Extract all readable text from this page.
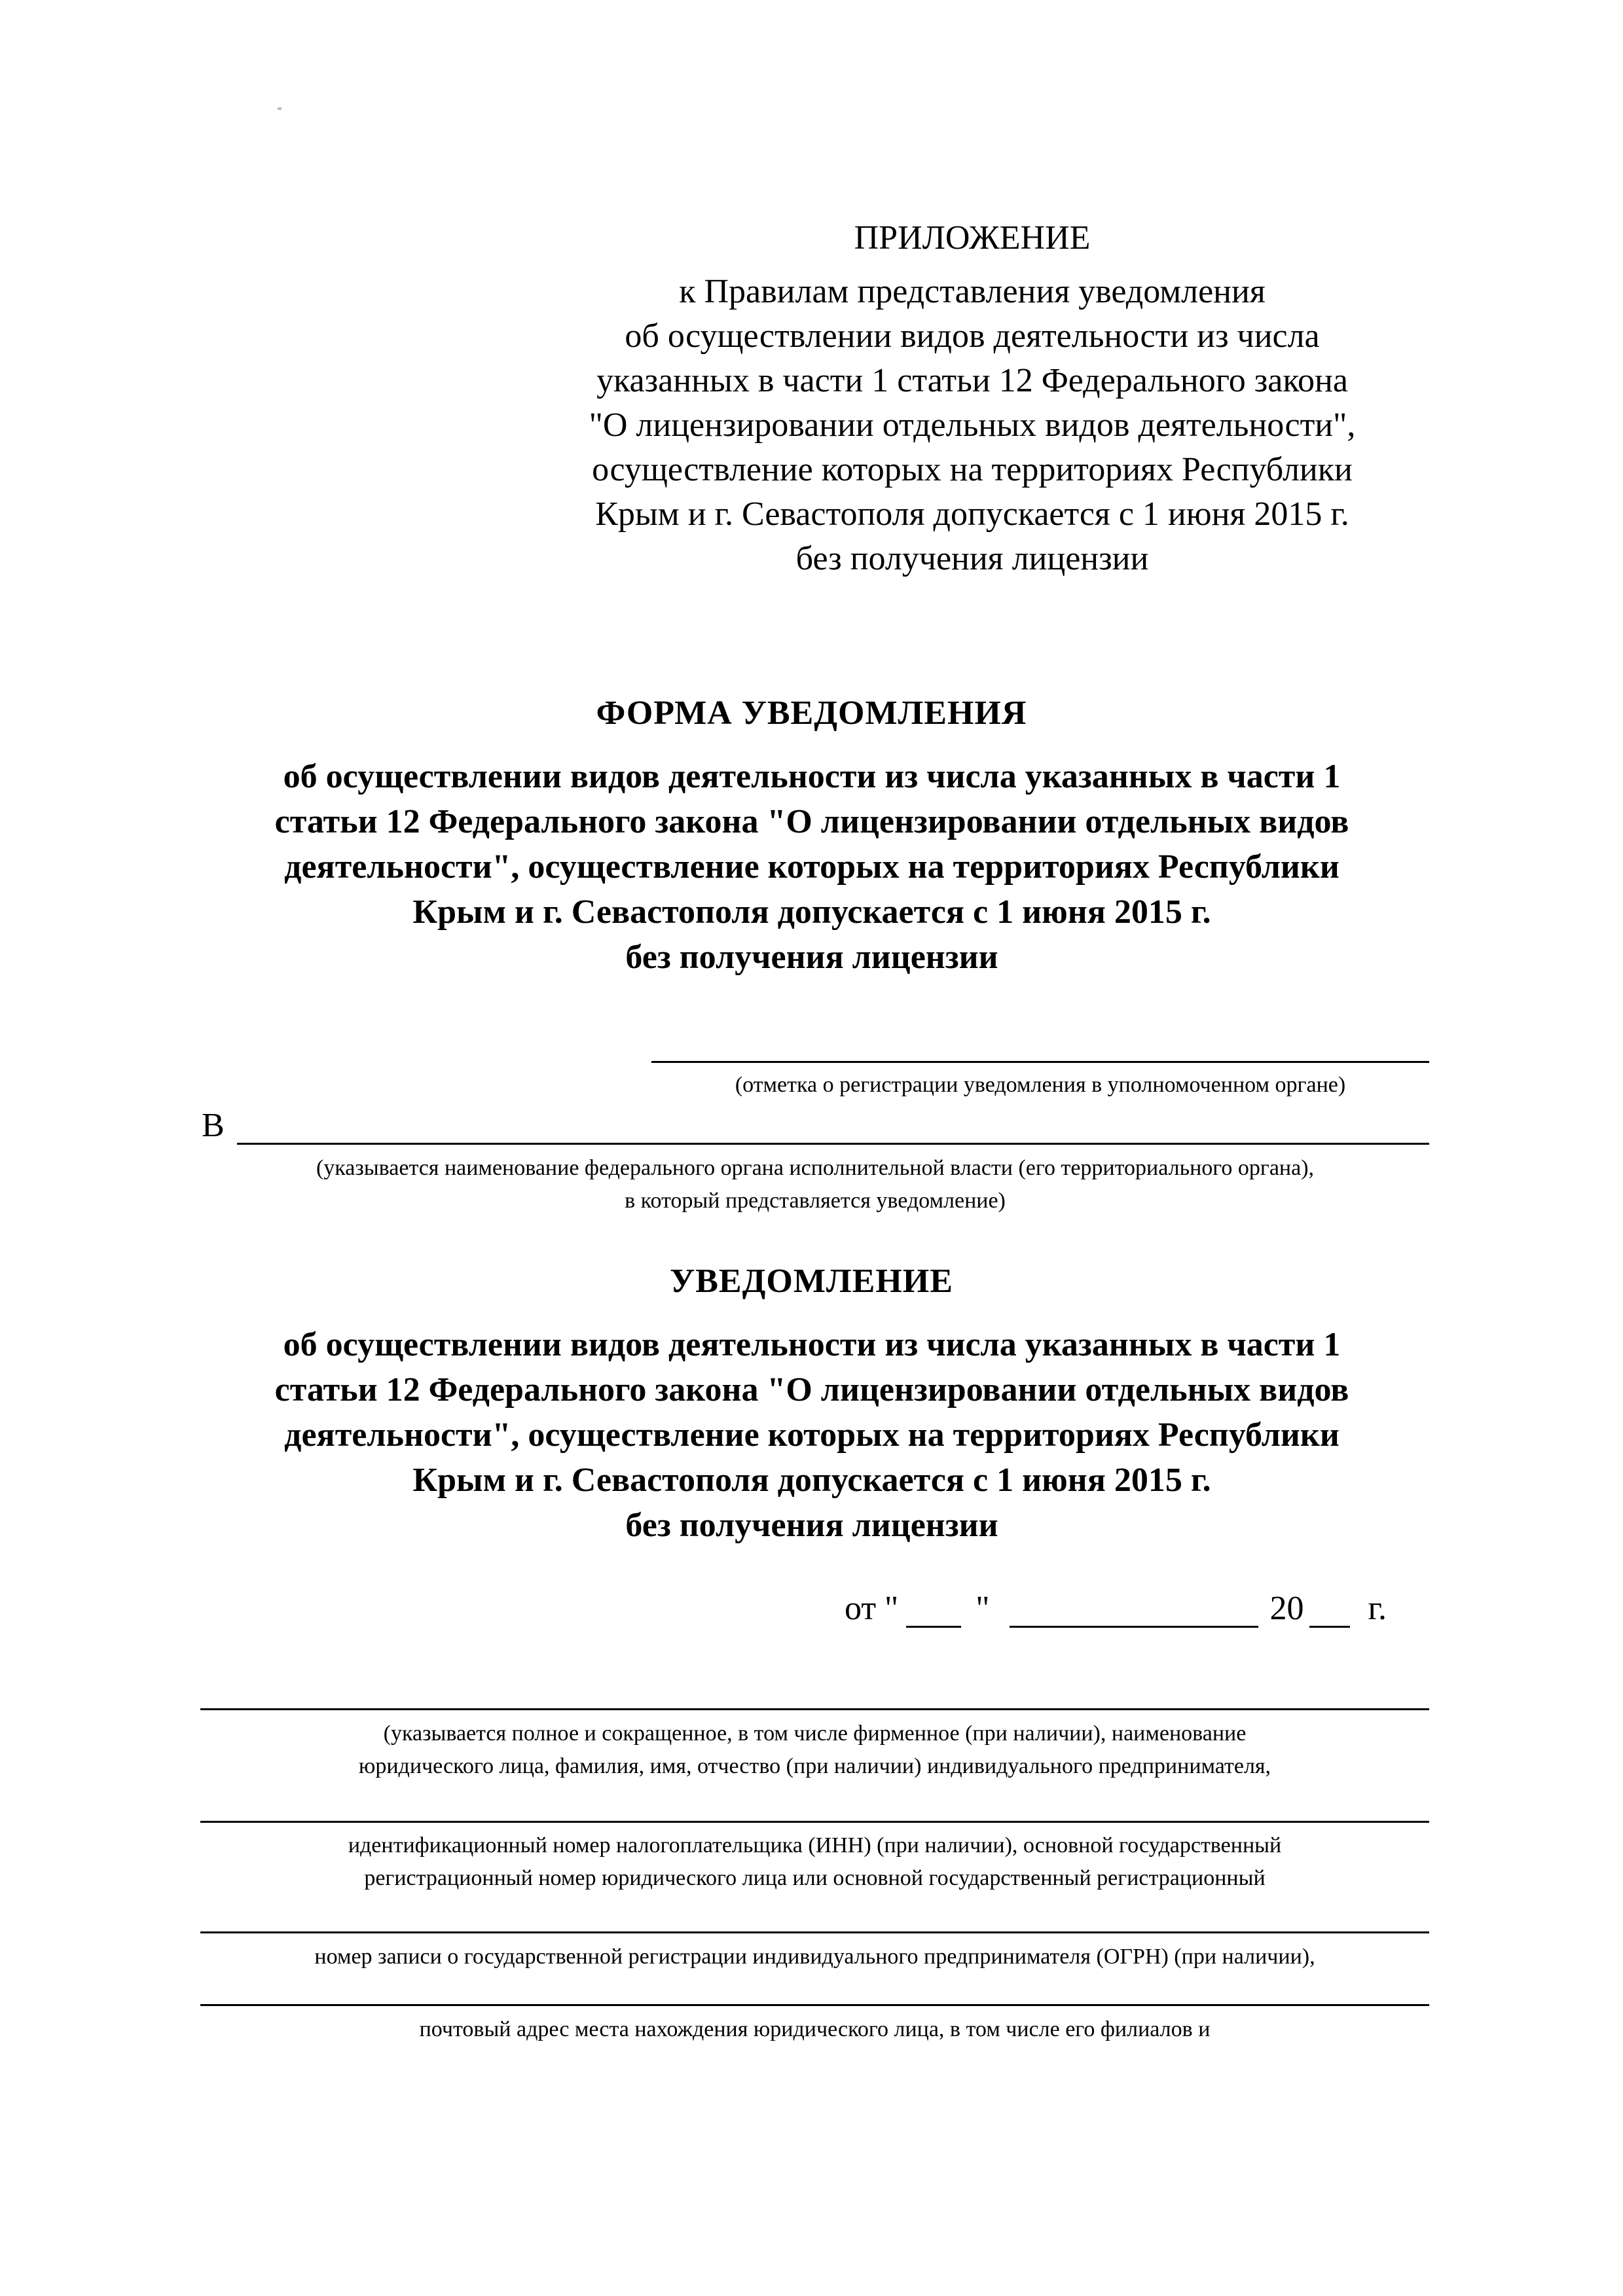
ПРИЛОЖЕНИЕ
к Правилам представления уведомления
об осуществлении видов деятельности из числа
указанных в части 1 статьи 12 Федерального закона
"О лицензировании отдельных видов деятельности",
осуществление которых на территориях Республики
Крым и г. Севастополя допускается с 1 июня 2015 г.
без получения лицензии
ФОРМА УВЕДОМЛЕНИЯ
об осуществлении видов деятельности из числа указанных в части 1
статьи 12 Федерального закона "О лицензировании отдельных видов
деятельности", осуществление которых на территориях Республики
Крым и г. Севастополя допускается с 1 июня 2015 г.
без получения лицензии
(отметка о регистрации уведомления в уполномоченном органе)
В
(указывается наименование федерального органа исполнительной власти (его территориального органа),
в который представляется уведомление)
УВЕДОМЛЕНИЕ
об осуществлении видов деятельности из числа указанных в части 1
статьи 12 Федерального закона "О лицензировании отдельных видов
деятельности", осуществление которых на территориях Республики
Крым и г. Севастополя допускается с 1 июня 2015 г.
без получения лицензии
от " "	20 г.
(указывается полное и сокращенное, в том числе фирменное (при наличии), наименование
юридического лица, фамилия, имя, отчество (при наличии) индивидуального предпринимателя,
идентификационный номер налогоплательщика (ИНН) (при наличии), основной государственный
регистрационный номер юридического лица или основной государственный регистрационный
номер записи о государственной регистрации индивидуального предпринимателя (ОГРН) (при наличии),
почтовый адрес места нахождения юридического лица, в том числе его филиалов и
